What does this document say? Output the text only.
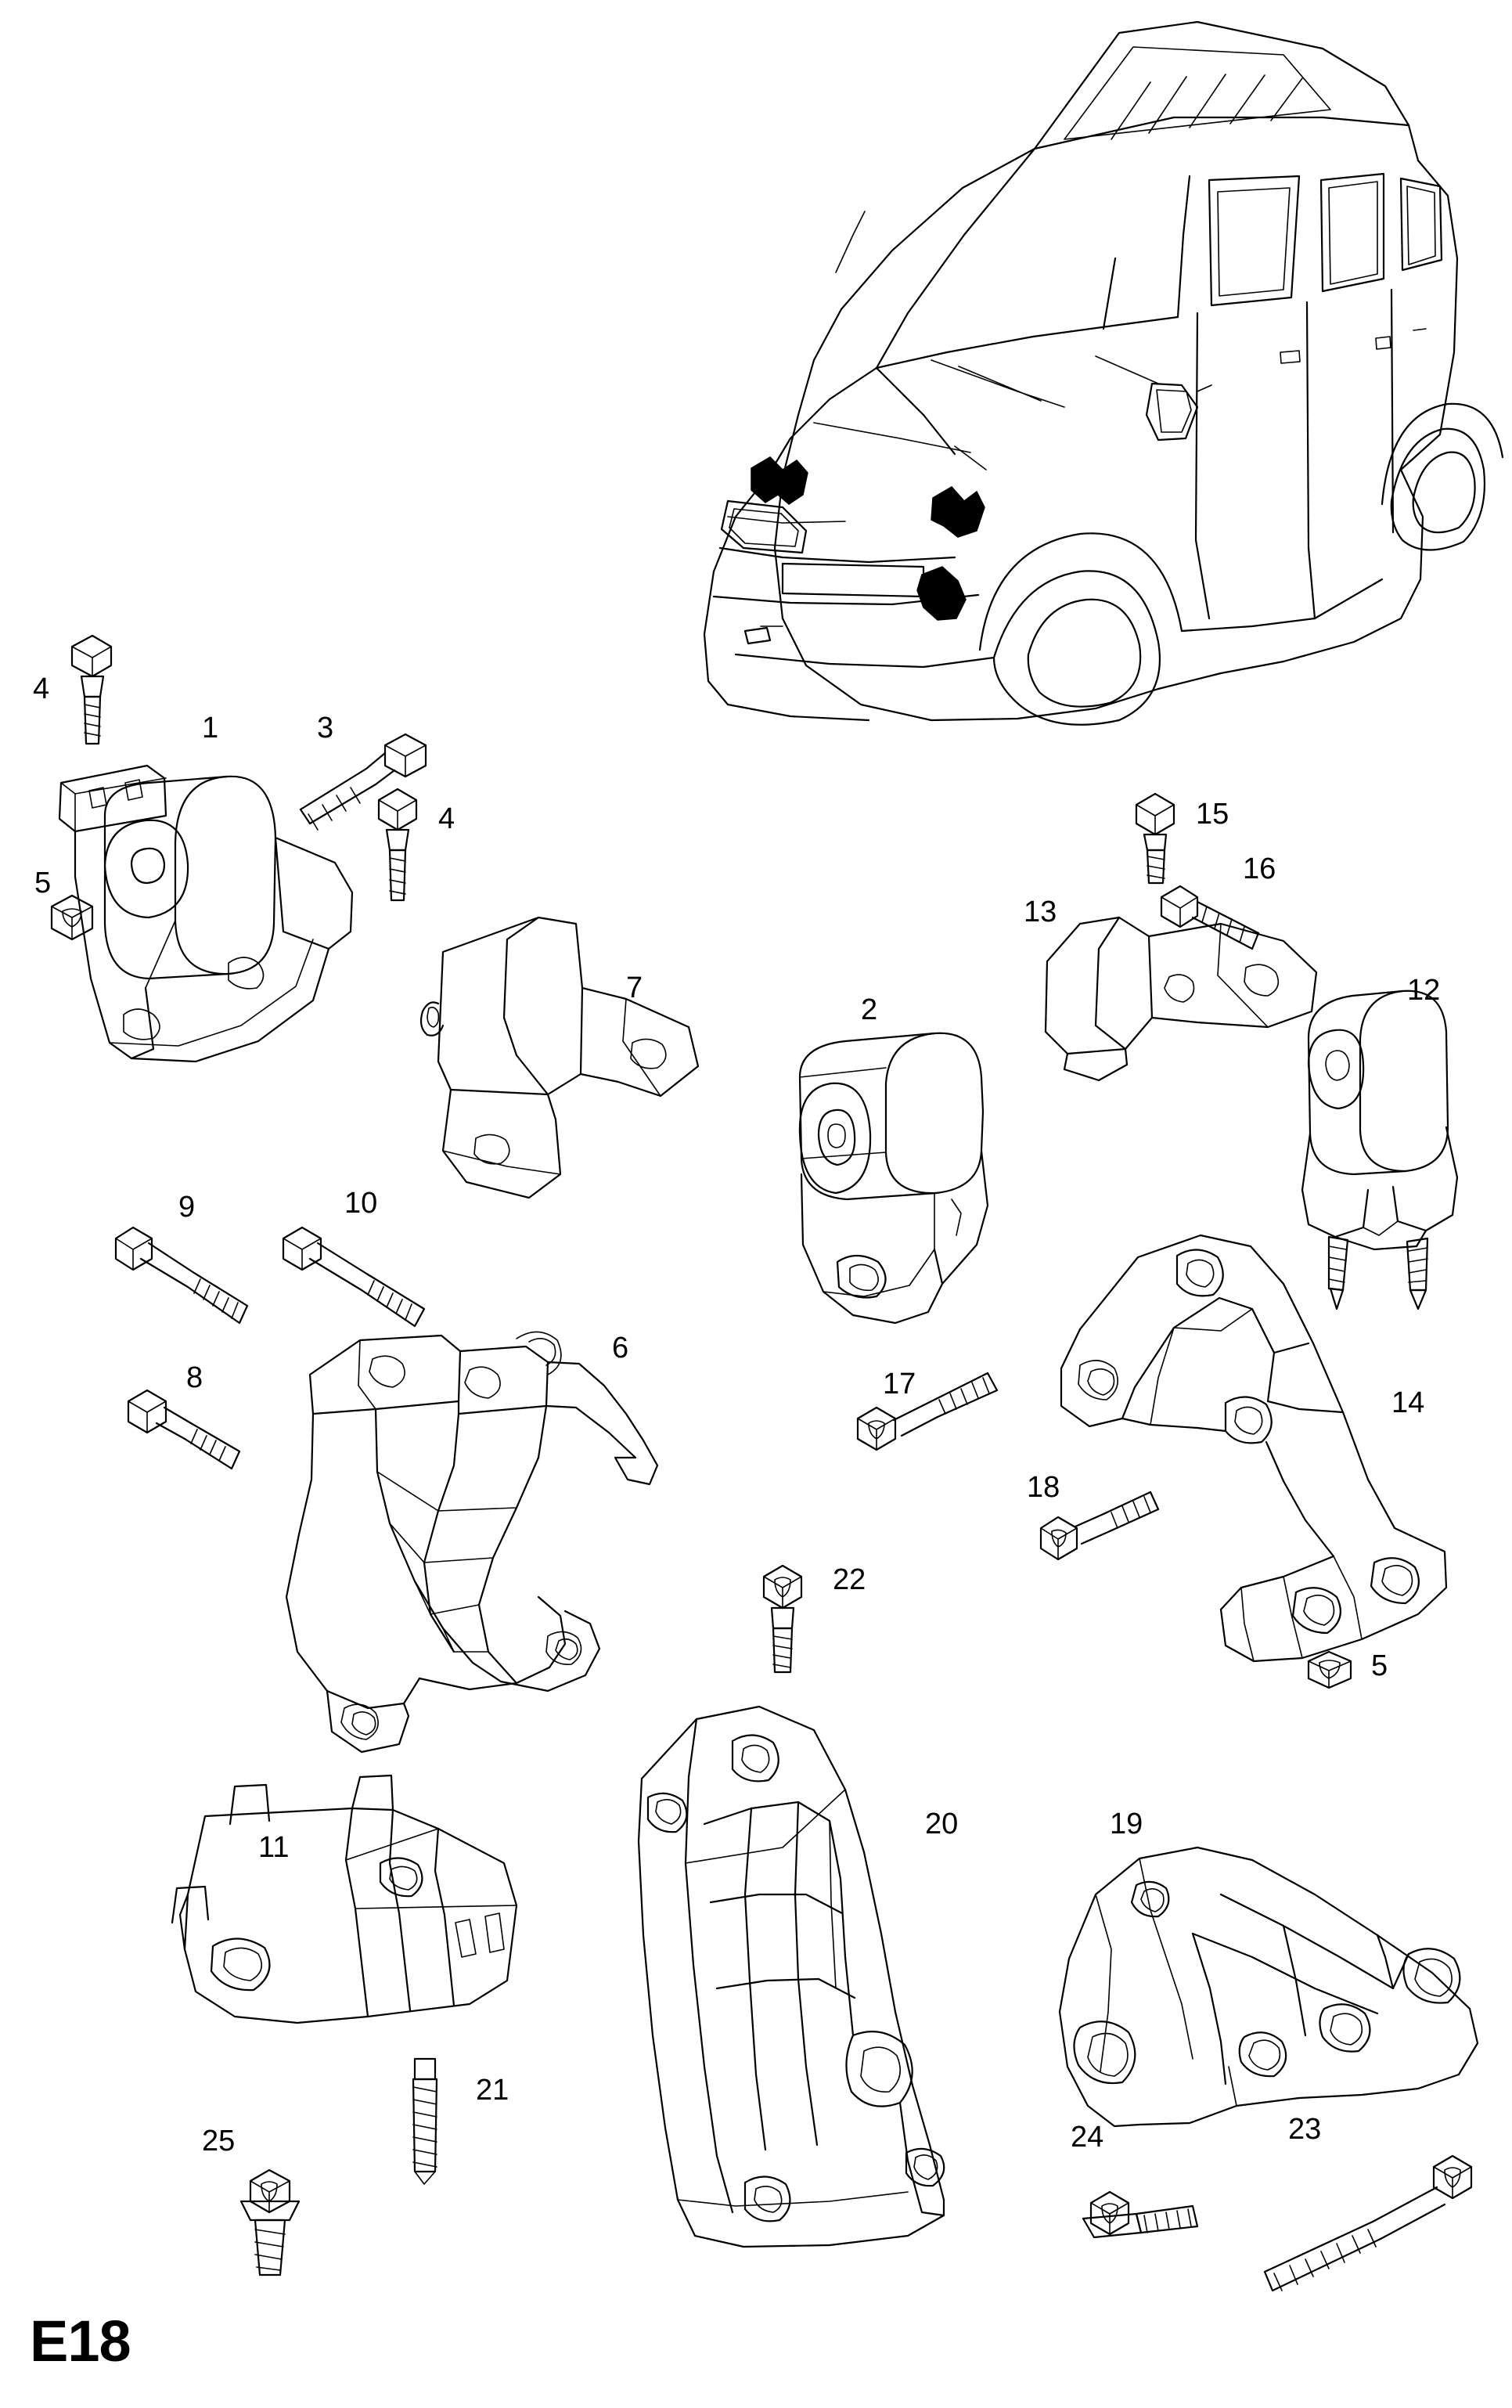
4
1	3
4
5
7
15
16
13
12
2
9	10
6
8	17
14
18
22
5
11
20	19
21
25	24	23
E18
